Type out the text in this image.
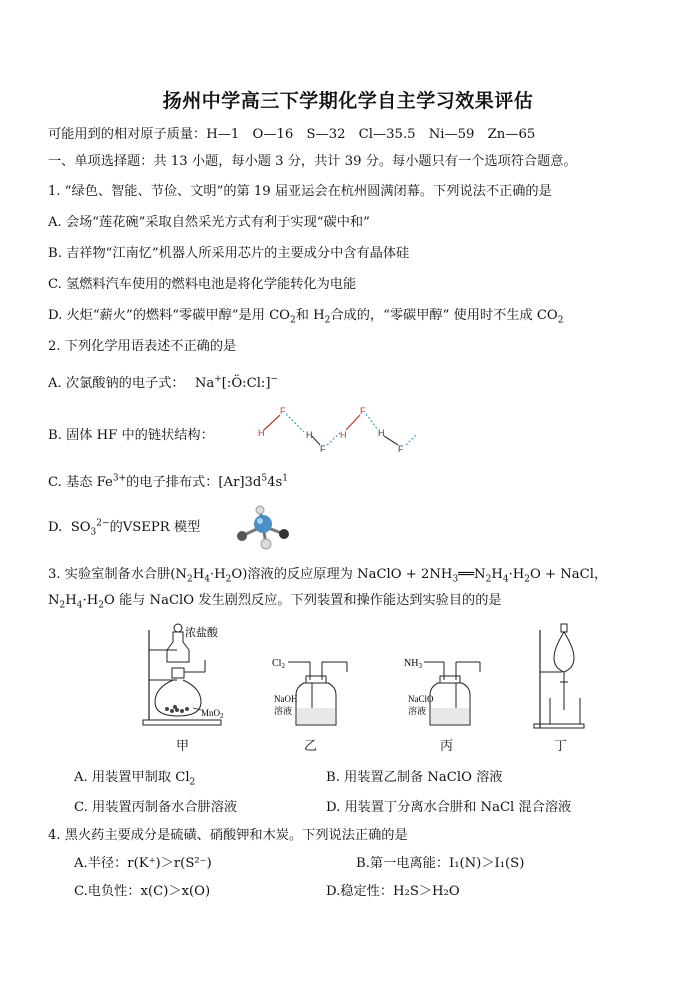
扬州中学高三下学期化学自主学习效果评估
可能用到的相对原子质量：H—1　O—16　S—32　Cl—35.5　Ni—59　Zn—65
一、单项选择题：共 13 小题，每小题 3 分，共计 39 分。每小题只有一个选项符合题意。
1. “绿色、智能、节俭、文明”的第 19 届亚运会在杭州圆满闭幕。下列说法不正确的是
A. 会场“莲花碗”采取自然采光方式有利于实现“碳中和”
B. 吉祥物“江南忆”机器人所采用芯片的主要成分中含有晶体硅
C. 氢燃料汽车使用的燃料电池是将化学能转化为电能
D. 火炬“薪火”的燃料“零碳甲醇”是用 $CO_2$和 $H_2$合成的，“零碳甲醇” 使用时不生成 $CO_2$
2. 下列化学用语表述不正确的是
A. 次氯酸钠的电子式： Na+[:Ö:Cl:]−
B. 固体 HF 中的链状结构：	H
F
H
F
H
F
H
F
C. 基态 $Fe^{3+}$的电子排布式：$[Ar]3d^54s^1$
D. $SO_3^{2-}$的VSEPR 模型
3. 实验室制备水合肼$(N_2H_4\cdot H_2O)$溶液的反应原理为 NaClO + $2NH_3══N_2H_4\cdot H_2O$ + NaCl，
$N_2H_4\cdot H_2O$ 能与 NaClO 发生剧烈反应。下列装置和操作能达到实验目的的是
浓盐酸
MnO$_2$
甲
$Cl_2$
NaOH
溶液
乙
$NH_3$
NaClO
溶液
丙	丁
A. 用装置甲制取 $Cl_2$	B. 用装置乙制备 NaClO 溶液
C. 用装置丙制备水合肼溶液	D. 用装置丁分离水合肼和 NaCl 混合溶液
4. 黑火药主要成分是硫磺、硝酸钾和木炭。下列说法正确的是
A.半径：r(K⁺)＞r(S²⁻)	B.第一电离能：I₁(N)＞I₁(S)
C.电负性：x(C)＞x(O)	D.稳定性：H₂S＞H₂O
